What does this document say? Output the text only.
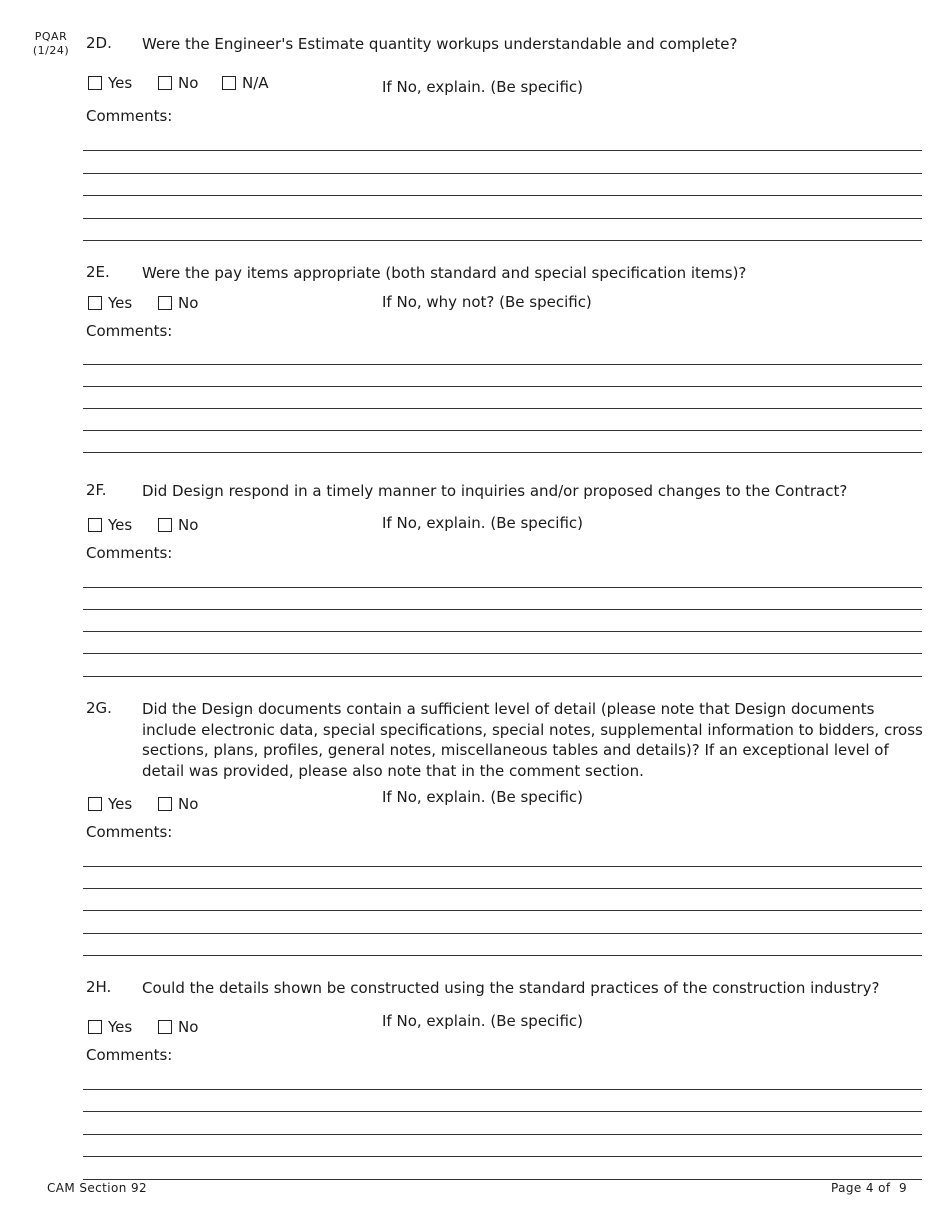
PQAR
(1/24) 2D. Were the Engineer's Estimate quantity workups understandable and complete?
Yes	No	N/A	If No, explain. (Be specific)
Comments:
2E. Were the pay items appropriate (both standard and special specification items)?
Yes	No	If No, why not? (Be specific)
Comments:
2F. Did Design respond in a timely manner to inquiries and/or proposed changes to the Contract?
Yes	No	If No, explain. (Be specific)
Comments:
2G. Did the Design documents contain a sufficient level of detail (please note that Design documents include electronic data, special specifications, special notes, supplemental information to bidders, cross sections, plans, profiles, general notes, miscellaneous tables and details)? If an exceptional level of detail was provided, please also note that in the comment section.
Yes	No	If No, explain. (Be specific)
Comments:
2H. Could the details shown be constructed using the standard practices of the construction industry?
Yes	No	If No, explain. (Be specific)
Comments:
CAM Section 92	Page 4 of 9
